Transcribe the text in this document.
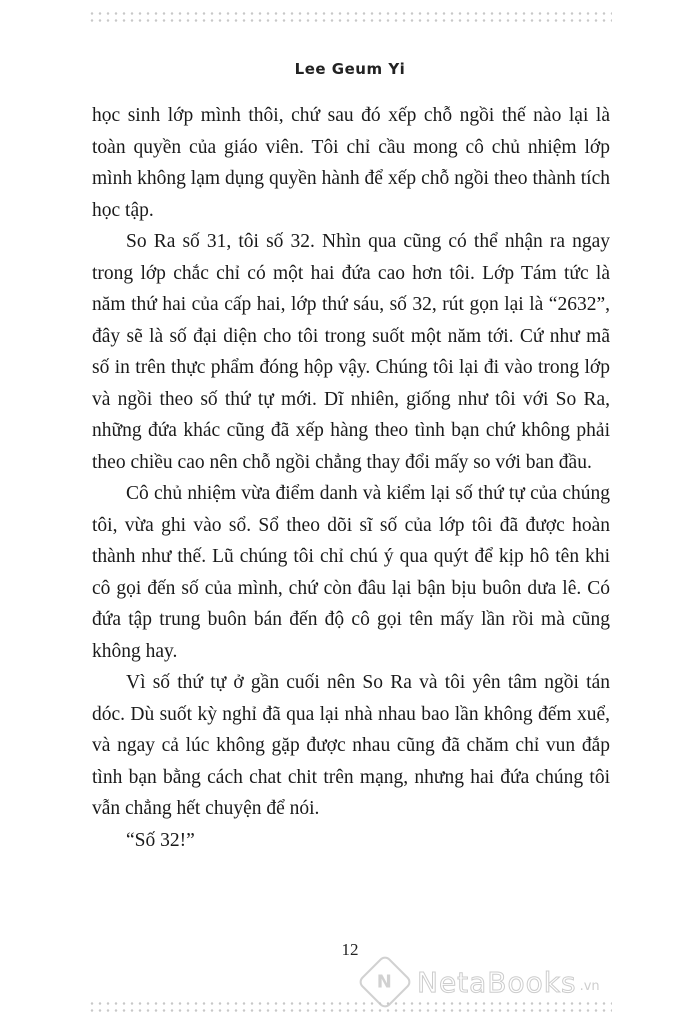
Lee Geum Yi

học sinh lớp mình thôi, chứ sau đó xếp chỗ ngồi thế nào lại là toàn quyền của giáo viên. Tôi chỉ cầu mong cô chủ nhiệm lớp mình không lạm dụng quyền hành để xếp chỗ ngồi theo thành tích học tập.

So Ra số 31, tôi số 32. Nhìn qua cũng có thể nhận ra ngay trong lớp chắc chỉ có một hai đứa cao hơn tôi. Lớp Tám tức là năm thứ hai của cấp hai, lớp thứ sáu, số 32, rút gọn lại là “2632”, đây sẽ là số đại diện cho tôi trong suốt một năm tới. Cứ như mã số in trên thực phẩm đóng hộp vậy. Chúng tôi lại đi vào trong lớp và ngồi theo số thứ tự mới. Dĩ nhiên, giống như tôi với So Ra, những đứa khác cũng đã xếp hàng theo tình bạn chứ không phải theo chiều cao nên chỗ ngồi chẳng thay đổi mấy so với ban đầu.

Cô chủ nhiệm vừa điểm danh và kiểm lại số thứ tự của chúng tôi, vừa ghi vào sổ. Sổ theo dõi sĩ số của lớp tôi đã được hoàn thành như thế. Lũ chúng tôi chỉ chú ý qua quýt để kịp hô tên khi cô gọi đến số của mình, chứ còn đâu lại bận bịu buôn dưa lê. Có đứa tập trung buôn bán đến độ cô gọi tên mấy lần rồi mà cũng không hay.

Vì số thứ tự ở gần cuối nên So Ra và tôi yên tâm ngồi tán dóc. Dù suốt kỳ nghỉ đã qua lại nhà nhau bao lần không đếm xuể, và ngay cả lúc không gặp được nhau cũng đã chăm chỉ vun đắp tình bạn bằng cách chat chit trên mạng, nhưng hai đứa chúng tôi vẫn chẳng hết chuyện để nói.

“Số 32!”

12
N NetaBooks .vn
